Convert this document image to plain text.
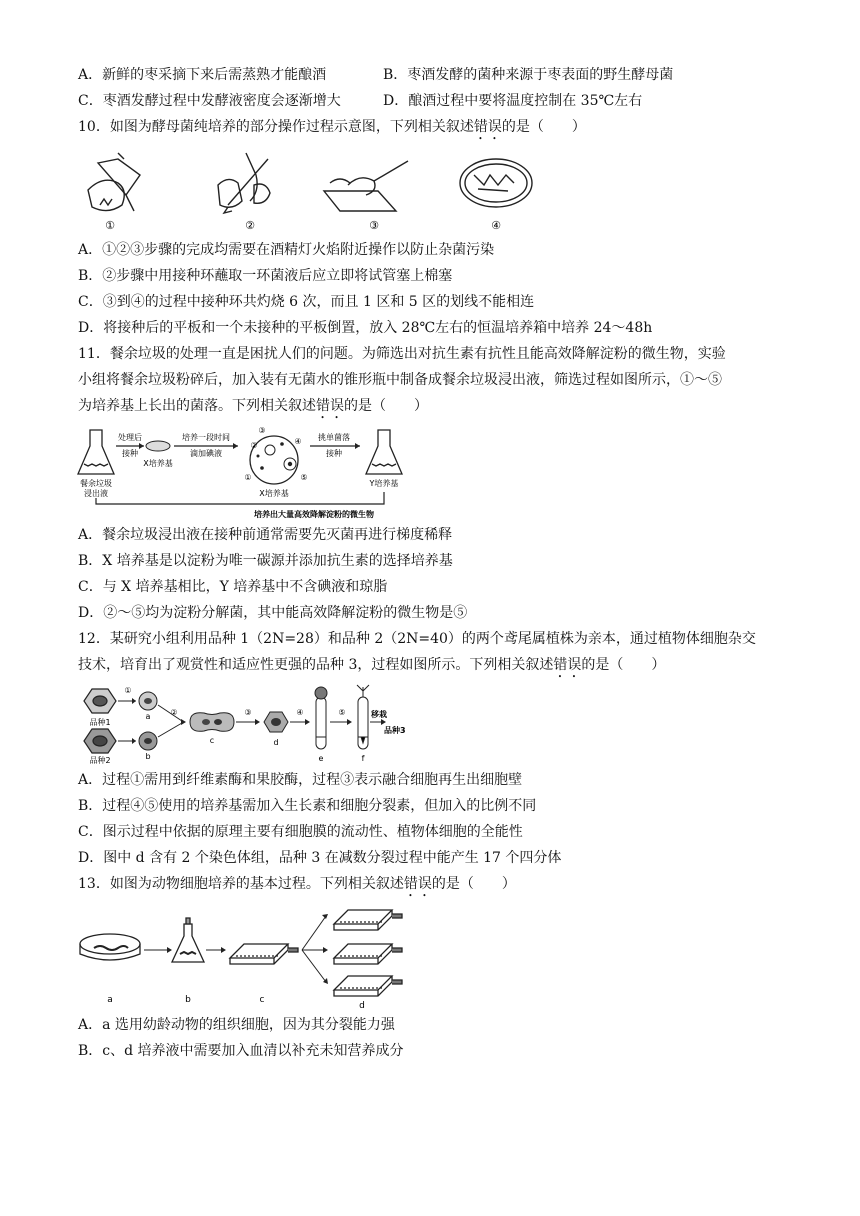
A．新鲜的枣采摘下来后需蒸熟才能酿酒	B．枣酒发酵的菌种来源于枣表面的野生酵母菌
C．枣酒发酵过程中发酵液密度会逐渐增大	D．酿酒过程中要将温度控制在 35℃左右
10．如图为酵母菌纯培养的部分操作过程示意图，下列相关叙述错误的是（　　）
①	②	③	④
A．①②③步骤的完成均需要在酒精灯火焰附近操作以防止杂菌污染
B．②步骤中用接种环蘸取一环菌液后应立即将试管塞上棉塞
C．③到④的过程中接种环共灼烧 6 次，而且 1 区和 5 区的划线不能相连
D．将接种后的平板和一个未接种的平板倒置，放入 28℃左右的恒温培养箱中培养 24～48h
11．餐余垃圾的处理一直是困扰人们的问题。为筛选出对抗生素有抗性且能高效降解淀粉的微生物，实验
小组将餐余垃圾粉碎后，加入装有无菌水的锥形瓶中制备成餐余垃圾浸出液，筛选过程如图所示，①～⑤
为培养基上长出的菌落。下列相关叙述错误的是（　　）
餐余垃圾
浸出液
处理后
接种
X培养基
培养一段时间
滴加碘液
③
②	④
①	⑤
X培养基
挑单菌落
接种
Y培养基
培养出大量高效降解淀粉的微生物
A．餐余垃圾浸出液在接种前通常需要先灭菌再进行梯度稀释
B．X 培养基是以淀粉为唯一碳源并添加抗生素的选择培养基
C．与 X 培养基相比，Y 培养基中不含碘液和琼脂
D．②～⑤均为淀粉分解菌，其中能高效降解淀粉的微生物是⑤
12．某研究小组利用品种 1（2N=28）和品种 2（2N=40）的两个鸢尾属植株为亲本，通过植物体细胞杂交
技术，培育出了观赏性和适应性更强的品种 3，过程如图所示。下列相关叙述错误的是（　　）
品种1
品种2
①
a
b
②
c
③
d
④
e
⑤
f
移栽
品种3
A．过程①需用到纤维素酶和果胶酶，过程③表示融合细胞再生出细胞壁
B．过程④⑤使用的培养基需加入生长素和细胞分裂素，但加入的比例不同
C．图示过程中依据的原理主要有细胞膜的流动性、植物体细胞的全能性
D．图中 d 含有 2 个染色体组，品种 3 在减数分裂过程中能产生 17 个四分体
13．如图为动物细胞培养的基本过程。下列相关叙述错误的是（　　）
a	b	c
d
A．a 选用幼龄动物的组织细胞，因为其分裂能力强
B．c、d 培养液中需要加入血清以补充未知营养成分
